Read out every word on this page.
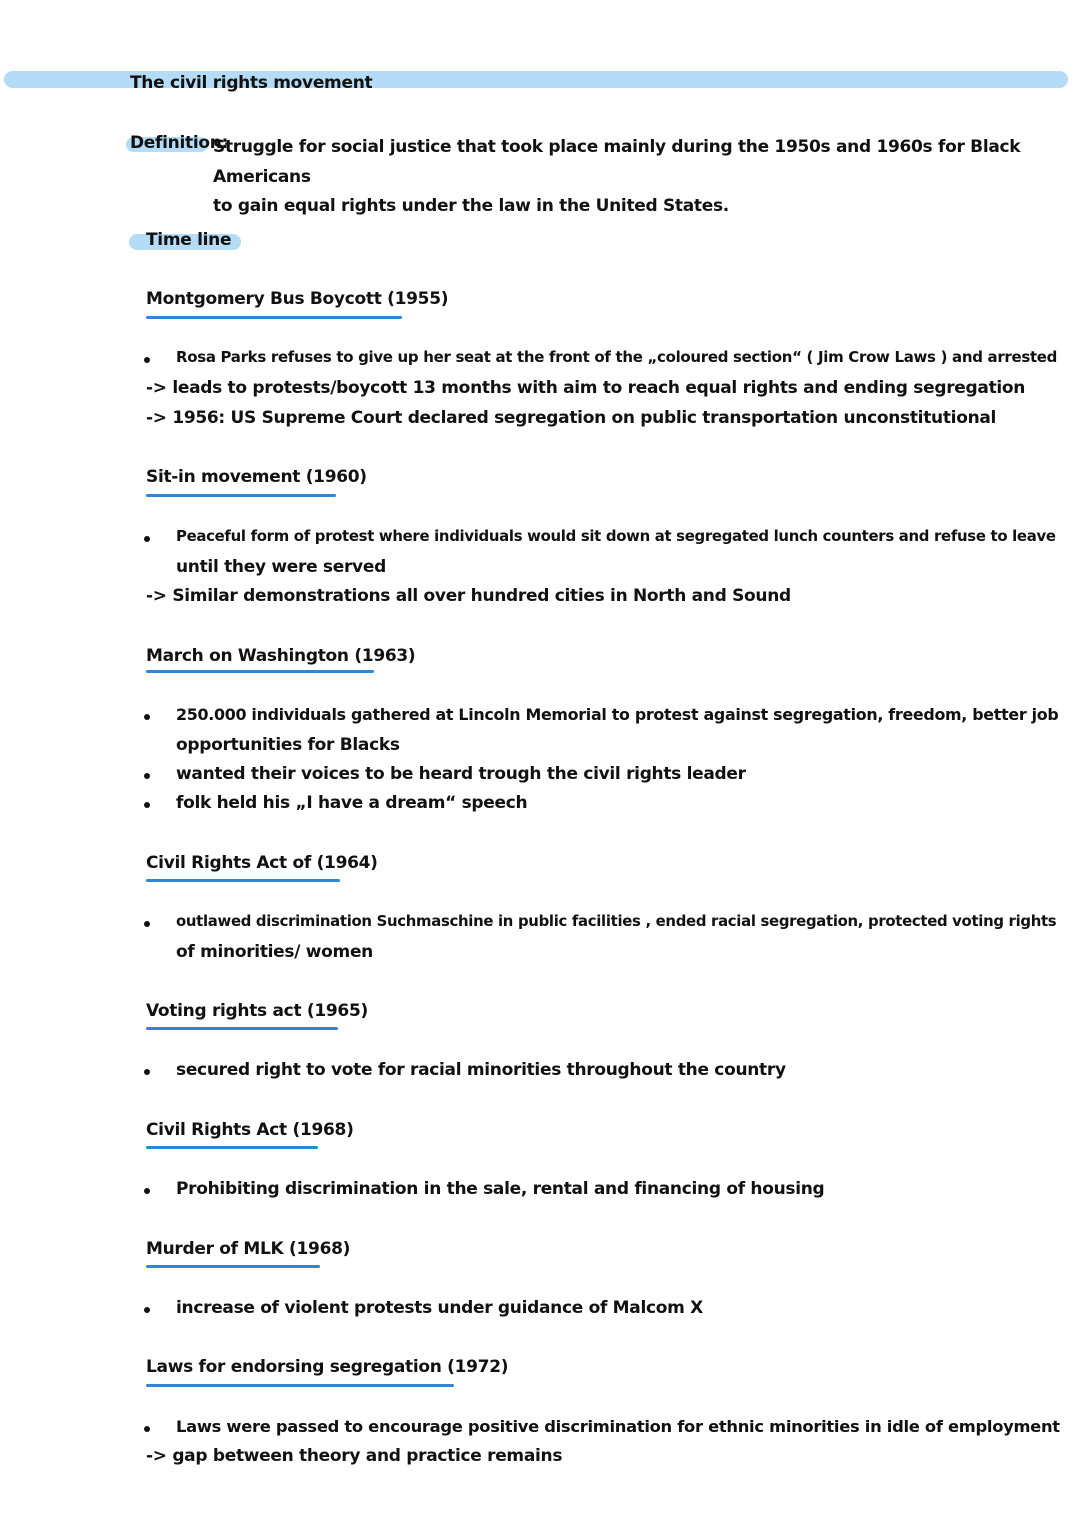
The civil rights movement
Definition:
Struggle for social justice that took place mainly during the 1950s and 1960s for Black Americans
to gain equal rights under the law in the United States.
Time line
Montgomery Bus Boycott (1955)
Rosa Parks refuses to give up her seat at the front of the „coloured section“ ( Jim Crow Laws ) and arrested
-> leads to protests/boycott 13 months with aim to reach equal rights and ending segregation
-> 1956: US Supreme Court declared segregation on public transportation unconstitutional
Sit-in movement (1960)
Peaceful form of protest where individuals would sit down at segregated lunch counters and refuse to leave
until they were served
-> Similar demonstrations all over hundred cities in North and Sound
March on Washington (1963)
250.000 individuals gathered at Lincoln Memorial to protest against segregation, freedom, better job
opportunities for Blacks
wanted their voices to be heard trough the civil rights leader
folk held his „I have a dream“ speech
Civil Rights Act of (1964)
outlawed discrimination Suchmaschine in public facilities , ended racial segregation, protected voting rights
of minorities/ women
Voting rights act (1965)
secured right to vote for racial minorities throughout the country
Civil Rights Act (1968)
Prohibiting discrimination in the sale, rental and financing of housing
Murder of MLK (1968)
increase of violent protests under guidance of Malcom X
Laws for endorsing segregation (1972)
Laws were passed to encourage positive discrimination for ethnic minorities in idle of employment
-> gap between theory and practice remains
